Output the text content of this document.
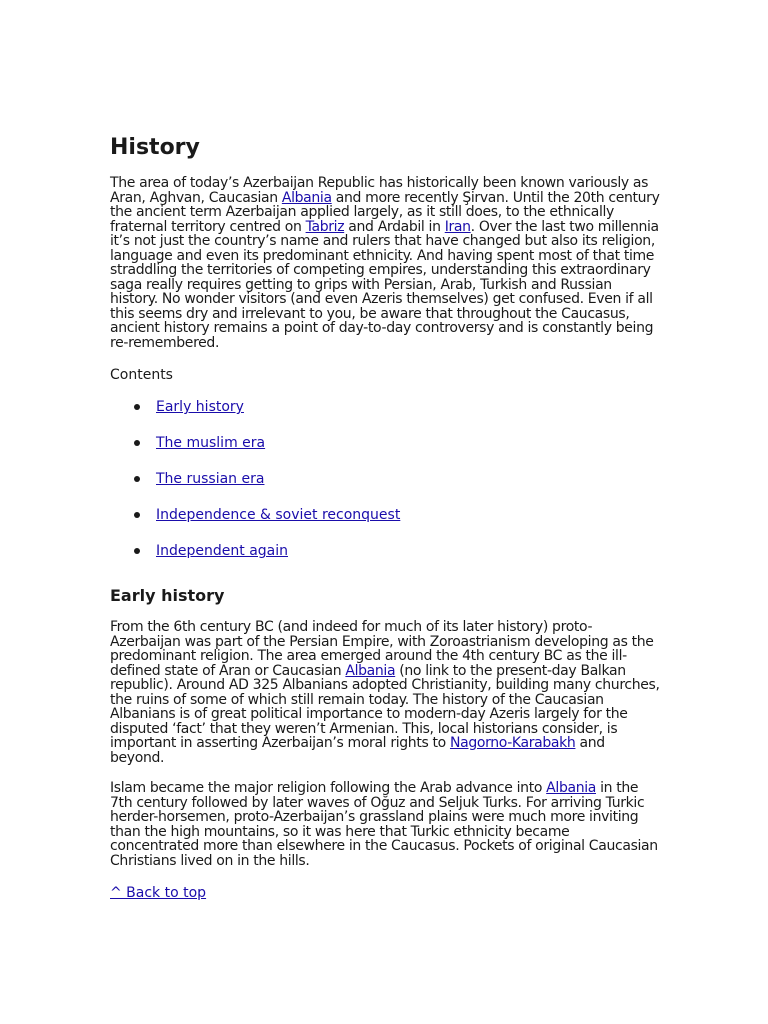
History

The area of today’s Azerbaijan Republic has historically been known variously as Aran, Aghvan, Caucasian Albania and more recently Şirvan. Until the 20th century the ancient term Azerbaijan applied largely, as it still does, to the ethnically fraternal territory centred on Tabriz and Ardabil in Iran. Over the last two millennia it’s not just the country’s name and rulers that have changed but also its religion, language and even its predominant ethnicity. And having spent most of that time straddling the territories of competing empires, understanding this extraordinary saga really requires getting to grips with Persian, Arab, Turkish and Russian history. No wonder visitors (and even Azeris themselves) get confused. Even if all this seems dry and irrelevant to you, be aware that throughout the Caucasus, ancient history remains a point of day-to-day controversy and is constantly being re-remembered.

Contents
Early history
The muslim era
The russian era
Independence & soviet reconquest
Independent again
Early history

From the 6th century BC (and indeed for much of its later history) proto-Azerbaijan was part of the Persian Empire, with Zoroastrianism developing as the predominant religion. The area emerged around the 4th century BC as the ill-defined state of Aran or Caucasian Albania (no link to the present-day Balkan republic). Around AD 325 Albanians adopted Christianity, building many churches, the ruins of some of which still remain today. The history of the Caucasian Albanians is of great political importance to modern-day Azeris largely for the disputed ‘fact’ that they weren’t Armenian. This, local historians consider, is important in asserting Azerbaijan’s moral rights to Nagorno-Karabakh and beyond.

Islam became the major religion following the Arab advance into Albania in the 7th century followed by later waves of Oğuz and Seljuk Turks. For arriving Turkic herder-horsemen, proto-Azerbaijan’s grassland plains were much more inviting than the high mountains, so it was here that Turkic ethnicity became concentrated more than elsewhere in the Caucasus. Pockets of original Caucasian Christians lived on in the hills.

^ Back to top
